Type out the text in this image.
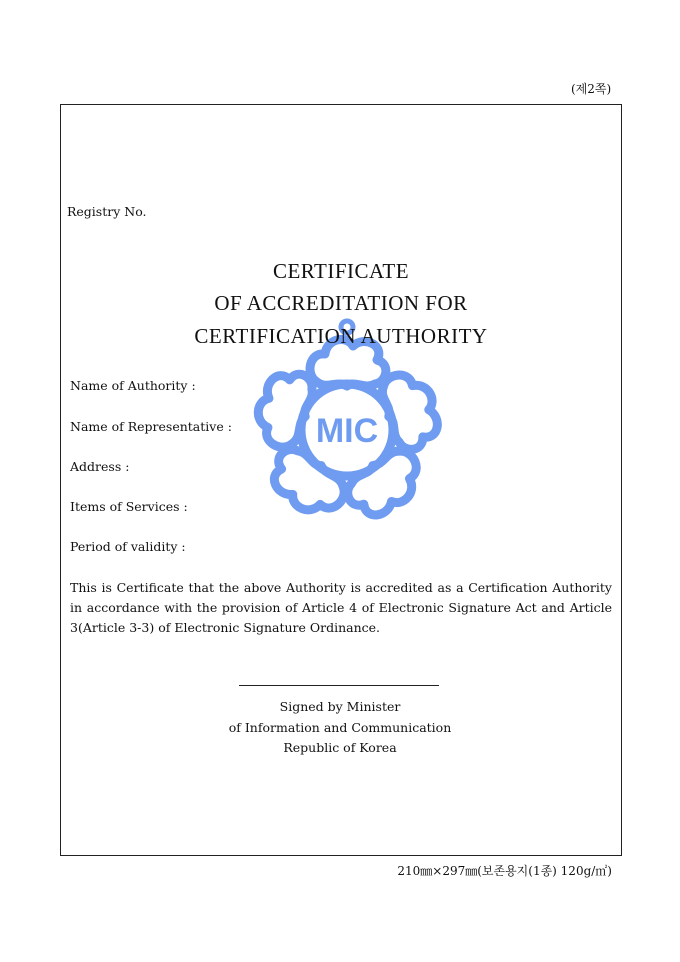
(제2쪽)
MIC
Registry No.
CERTIFICATE
OF ACCREDITATION FOR
CERTIFICATION AUTHORITY
Name of Authority :
Name of Representative :
Address :
Items of Services :
Period of validity :
This is Certificate that the above Authority is accredited as a Certification Authority in accordance with the provision of Article 4 of Electronic Signature Act and Article 3(Article 3-3) of Electronic Signature Ordinance.
Signed by Minister
of Information and Communication
Republic of Korea
210㎜×297㎜(보존용지(1종) 120g/㎡)
